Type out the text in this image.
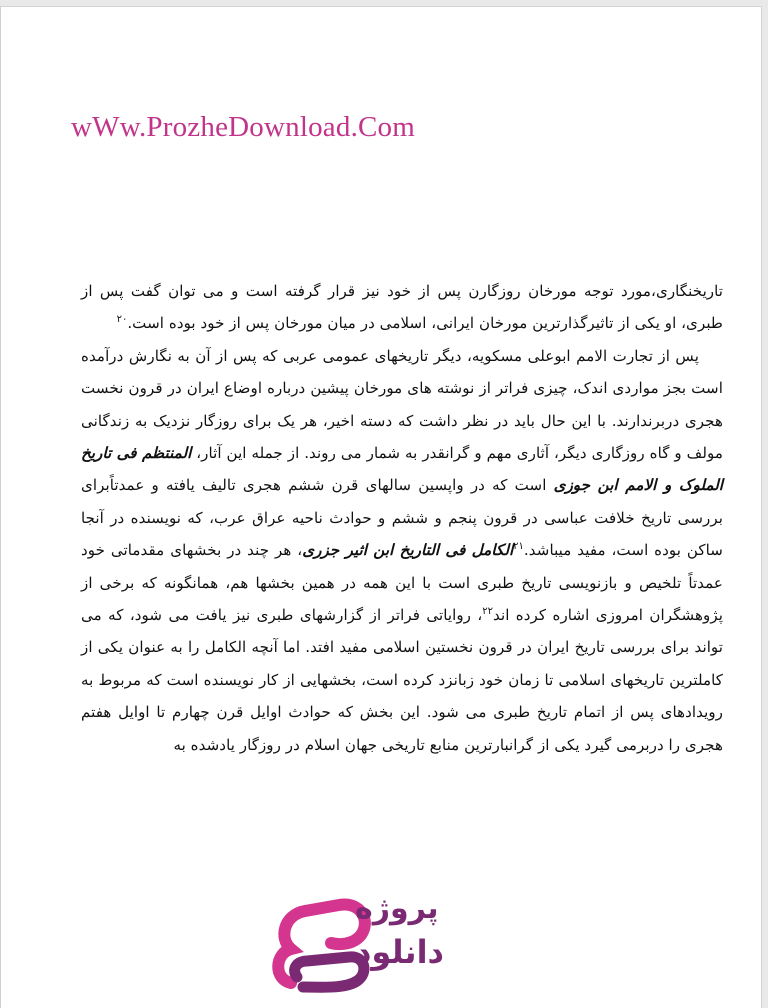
wWw.ProzheDownload.Com

تاریخنگاری،مورد توجه مورخان روزگارن پس از خود نیز قرار گرفته است و می توان گفت پس از طبری، او یکی از تاثیرگذارترین مورخان ایرانی، اسلامی در میان مورخان پس از خود بوده است.$^{۲۰}$

پس از تجارت الامم ابوعلی مسکویه، دیگر تاریخهای عمومی عربی که پس از آن به نگارش درآمده است بجز مواردی اندک، چیزی فراتر از نوشته های مورخان پیشین درباره اوضاع ایران در قرون نخست هجری دربرندارند. با این حال باید در نظر داشت که دسته اخیر، هر یک برای روزگار نزدیک به زندگانی مولف و گاه روزگاری دیگر، آثاری مهم و گرانقدر به شمار می روند. از جمله این آثار، المنتظم فی تاریخ الملوک و الامم ابن جوزی است که در واپسین سالهای قرن ششم هجری تالیف یافته و عمدتاًبرای بررسی تاریخ خلافت عباسی در قرون پنجم و ششم و حوادث ناحیه عراق عرب، که نویسنده در آنجا ساکن بوده است، مفید میباشد.$^{۲۱}$الکامل فی التاریخ ابن اثیر جزری، هر چند در بخشهای مقدماتی خود عمدتاً تلخیص و بازنویسی تاریخ طبری است با این همه در همین بخشها هم، همانگونه که برخی از پژوهشگران امروزی اشاره کرده اند$^{۲۲}$، روایاتی فراتر از گزارشهای طبری نیز یافت می شود، که می تواند برای بررسی تاریخ ایران در قرون نخستین اسلامی مفید افتد. اما آنچه الکامل را به عنوان یکی از کاملترین تاریخهای اسلامی تا زمان خود زبانزد کرده است، بخشهایی از کار نویسنده است که مربوط به رویدادهای پس از اتمام تاریخ طبری می شود. این بخش که حوادث اوایل قرن چهارم تا اوایل هفتم هجری را دربرمی گیرد یکی از گرانبارترین منابع تاریخی جهان اسلام در روزگار یادشده به

پروژه
دانلود
